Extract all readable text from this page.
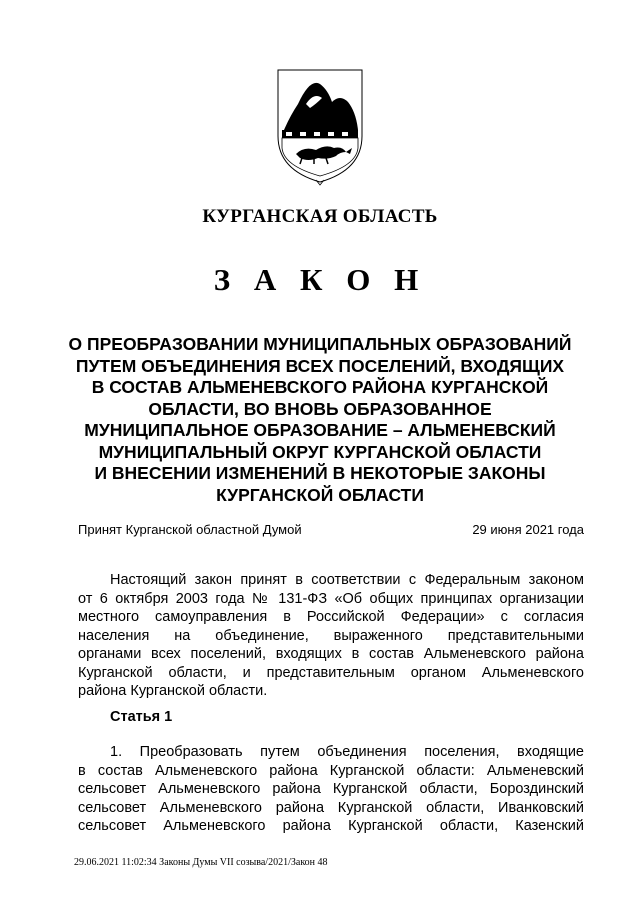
КУРГАНСКАЯ ОБЛАСТЬ
З А К О Н
О ПРЕОБРАЗОВАНИИ МУНИЦИПАЛЬНЫХ ОБРАЗОВАНИЙ
ПУТЕМ ОБЪЕДИНЕНИЯ ВСЕХ ПОСЕЛЕНИЙ, ВХОДЯЩИХ
В СОСТАВ АЛЬМЕНЕВСКОГО РАЙОНА КУРГАНСКОЙ
ОБЛАСТИ, ВО ВНОВЬ ОБРАЗОВАННОЕ
МУНИЦИПАЛЬНОЕ ОБРАЗОВАНИЕ – АЛЬМЕНЕВСКИЙ
МУНИЦИПАЛЬНЫЙ ОКРУГ КУРГАНСКОЙ ОБЛАСТИ
И ВНЕСЕНИИ ИЗМЕНЕНИЙ В НЕКОТОРЫЕ ЗАКОНЫ
КУРГАНСКОЙ ОБЛАСТИ
Принят Курганской областной Думой	29 июня 2021 года
Настоящий закон принят в соответствии с Федеральным законом
от 6 октября 2003 года № 131-ФЗ «Об общих принципах организации
местного самоуправления в Российской Федерации» с согласия
населения на объединение, выраженного представительными
органами всех поселений, входящих в состав Альменевского района
Курганской области, и представительным органом Альменевского
района Курганской области.
Статья 1
1. Преобразовать путем объединения поселения, входящие
в состав Альменевского района Курганской области: Альменевский
сельсовет Альменевского района Курганской области, Бороздинский
сельсовет Альменевского района Курганской области, Иванковский
сельсовет Альменевского района Курганской области, Казенский
29.06.2021 11:02:34 Законы Думы VII созыва/2021/Закон 48
